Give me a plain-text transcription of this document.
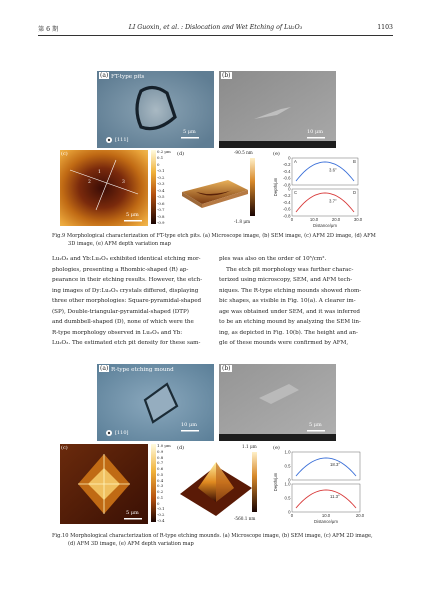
第 6 期	LI Guoxin, et al. : Dislocation and Wet Etching of Lu₂O₃	1103
(a) FT-type pits
5 μm
[111]
(b)
10 μm
(c)
5 μm
1
2	3
0.2 μm
0.1
0
-0.1
-0.2
-0.3
-0.4
-0.5
-0.6
-0.7
-0.8
-0.9
(d)	-90.5 nm
-1.8 μm
0
-0.2
-0.4
-0.6
-0.8
3.6°
0
-0.2
-0.4
-0.6
-0.8
3.7°
0	10.0	20.0	30.0
Distance/μm
Depth/μm
A	B
C	D
(e)
Fig.9 Morphological characterization of FT-type etch pits. (a) Microscope image, (b) SEM image, (c) AFM 2D image, (d) AFM
3D image, (e) AFM depth variation map
Lu₂O₃ and Yb:Lu₂O₃ exhibited identical etching mor-
phologies, presenting a Rhombic-shaped (R) ap-
pearance in their etching results. However, the etch-
ing images of Dy:Lu₂O₃ crystals differed, displaying
three other morphologies: Square-pyramidal-shaped
(SP), Double-triangular-pyramidal-shaped (DTP)
and dumbbell-shaped (D), none of which were the
R-type morphology observed in Lu₂O₃ and Yb:
Lu₂O₃. The estimated etch pit density for these sam-
ples was also on the order of 10⁵/cm².
The etch pit morphology was further charac-
terized using microscopy, SEM, and AFM tech-
niques. The R-type etching mounds showed rhom-
bic shapes, as visible in Fig. 10(a). A clearer im-
age was obtained under SEM, and it was inferred
to be an etching mound by analyzing the SEM lin-
ing, as depicted in Fig. 10(b). The height and an-
gle of these mounds were confirmed by AFM,
(a) R-type etching mound
10 μm
[110]
(b)
5 μm
(c)
5 μm
1.0 μm
0.9
0.8
0.7
0.6
0.5
0.4
0.3
0.2
0.1
0
-0.1
-0.2
-0.4
(d)	1.1 μm
-560.1 nm
1.0
0.5
0
18.3°
1.0
0.5
0
11.3°
0	10.0	20.0
Distance/μm
Depth/μm
(e)
Fig.10 Morphological characterization of R-type etching mounds. (a) Microscope image, (b) SEM image, (c) AFM 2D image,
(d) AFM 3D image, (e) AFM depth variation map
